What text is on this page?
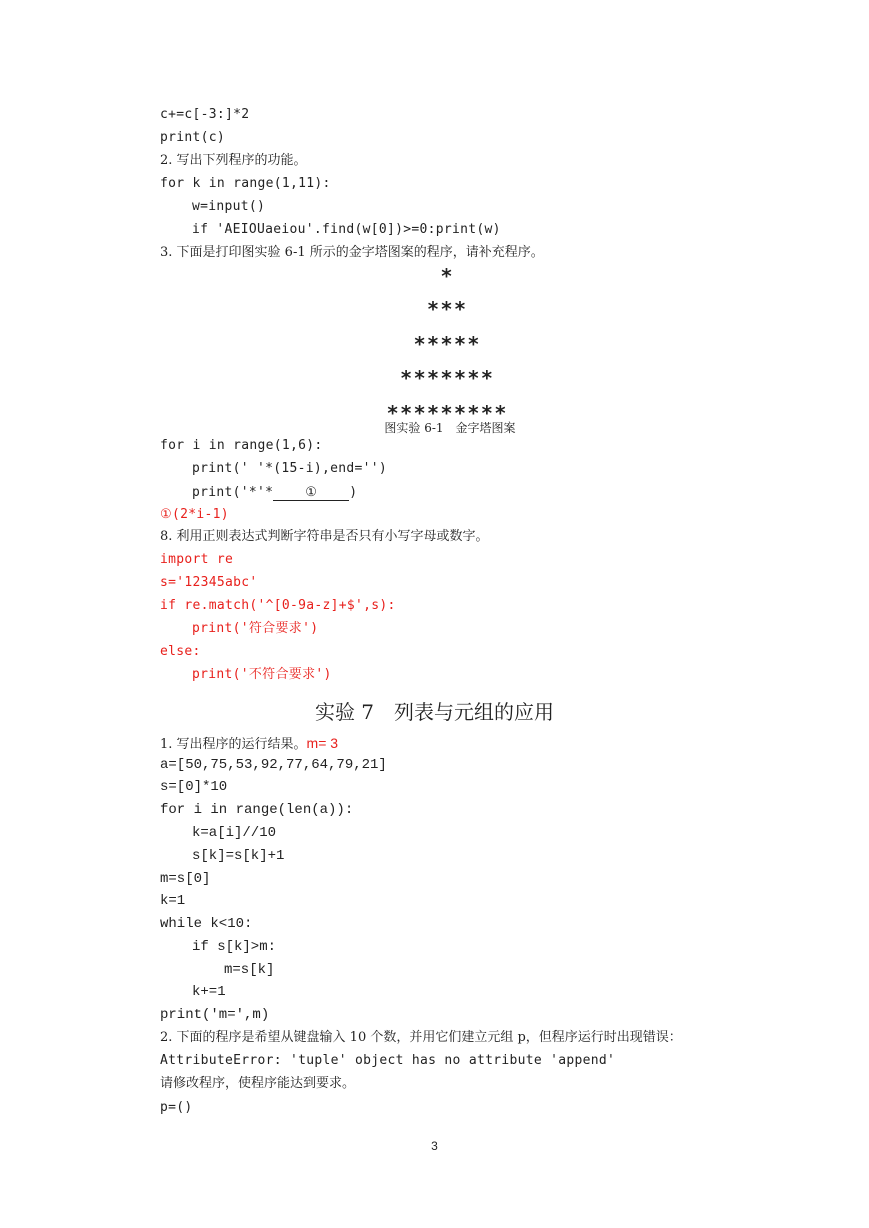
c+=c[-3:]*2
print(c)
2. 写出下列程序的功能。
for k in range(1,11):
w=input()
if 'AEIOUaeiou'.find(w[0])>=0:print(w)
3. 下面是打印图实验 6-1 所示的金字塔图案的程序，请补充程序。
*
***
*****
*******
*********
图实验 6-1　金字塔图案
for i in range(1,6):
print(' '*(15-i),end='')
print('*'* ① )
①(2*i-1)
8. 利用正则表达式判断字符串是否只有小写字母或数字。
import re
s='12345abc'
if re.match('^[0-9a-z]+$',s):
print('符合要求')
else:
print('不符合要求')
实验 7　列表与元组的应用
1. 写出程序的运行结果。m= 3
a=[50,75,53,92,77,64,79,21]
s=[0]*10
for i in range(len(a)):
k=a[i]//10
s[k]=s[k]+1
m=s[0]
k=1
while k<10:
if s[k]>m:
m=s[k]
k+=1
print('m=',m)
2. 下面的程序是希望从键盘输入 10 个数，并用它们建立元组 p，但程序运行时出现错误：
AttributeError: 'tuple' object has no attribute 'append'
请修改程序，使程序能达到要求。
p=()
3
